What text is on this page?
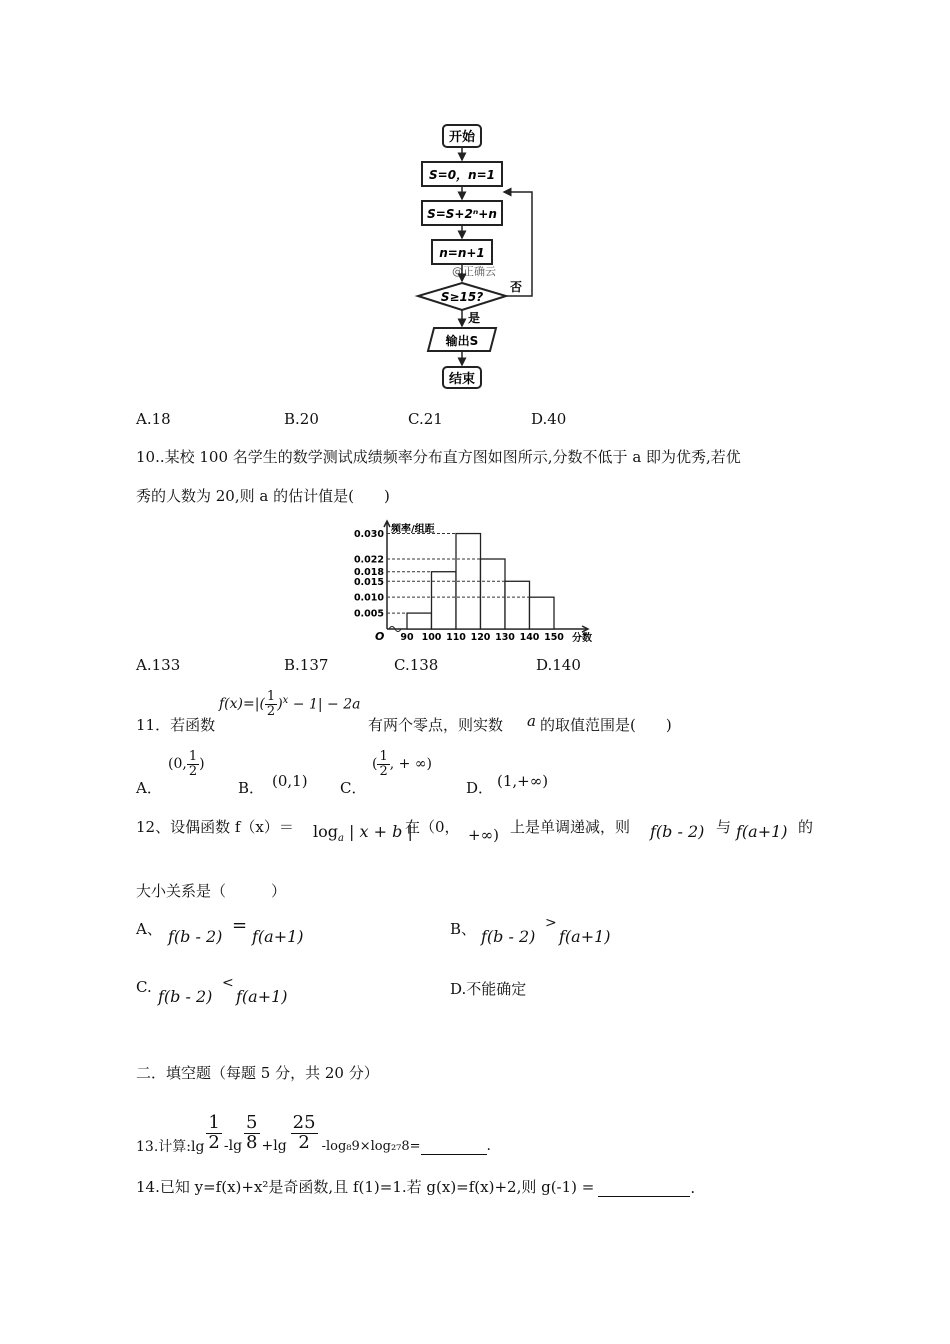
开始
S=0，n=1
S=S+2ⁿ+n
n=n+1
@正确云
S≥15?
否
是
输出S
结束
A.18	B.20	C.21	D.40
10..某校 100 名学生的数学测试成绩频率分布直方图如图所示,分数不低于 a 即为优秀,若优
秀的人数为 20,则 a 的估计值是(　　)
频率/组距
分数
O
0.030
0.022
0.018
0.015
0.010
0.005
90 100 110 120 130 140 150
A.133	B.137	C.138	D.140
11．若函数
$f(x)=|( \frac{1}{2} )^x - 1| - 2a$
有两个零点，则实数 a 的取值范围是(　　)
A．
(0, $\frac{1}{2}$ )
B． (0,1) C．
( $\frac{1}{2}$ , + ∞)
D． (1,+∞)
12、设偶函数 $f(x)= \log_a$ | x + b |
在（0， +∞) 上是单调递减，则 f(b - 2) 与 f(a+1) 的
大小关系是（　　　）
A、 f(b - 2)
=
f(a+1)	B、 f(b - 2)
>
f(a+1)
C. f(b - 2)
<
f(a+1)	D.不能确定
二．填空题（每题 5 分，共 20 分）
13.计算:lg $\frac{1}{2} -\lg \frac{5}{8} +\lg \frac{25}{2} -\log_89\times\log_{27}8=$	.
14.已知 y=f(x)+x²是奇函数,且 f(1)=1.若 g(x)=f(x)+2,则 g(-1) =	.
